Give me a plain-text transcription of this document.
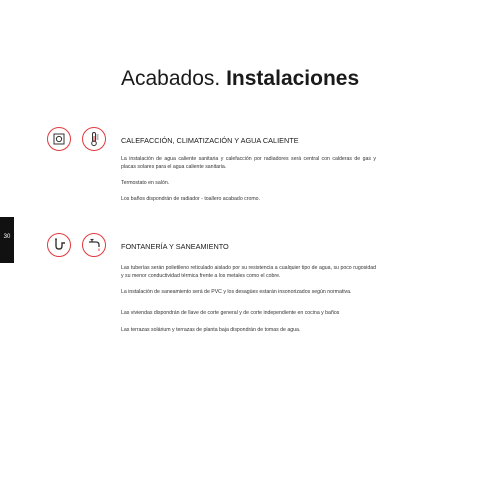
Acabados. Instalaciones
30
CALEFACCIÓN, CLIMATIZACIÓN Y AGUA CALIENTE

La instalación de agua caliente sanitaria y calefacción por radiadores será central con calderas de gas y placas solares para el agua caliente sanitaria.

Termostato en salón.

Los baños dispondrán de radiador - toallero acabado cromo.

FONTANERÍA Y SANEAMIENTO

Las tuberías serán polietileno reticulado aislado por su resistencia a cualquier tipo de agua, su poco rugosidad y su menor conductividad térmica frente a los metales como el cobre.

La instalación de saneamiento será de PVC y los desagües estarán insonorizados según normativa.

Las viviendas dispondrán de llave de corte general y de corte independiente en cocina y baños

Las terrazas solárium y terrazas de planta baja dispondrán de tomas de agua.
